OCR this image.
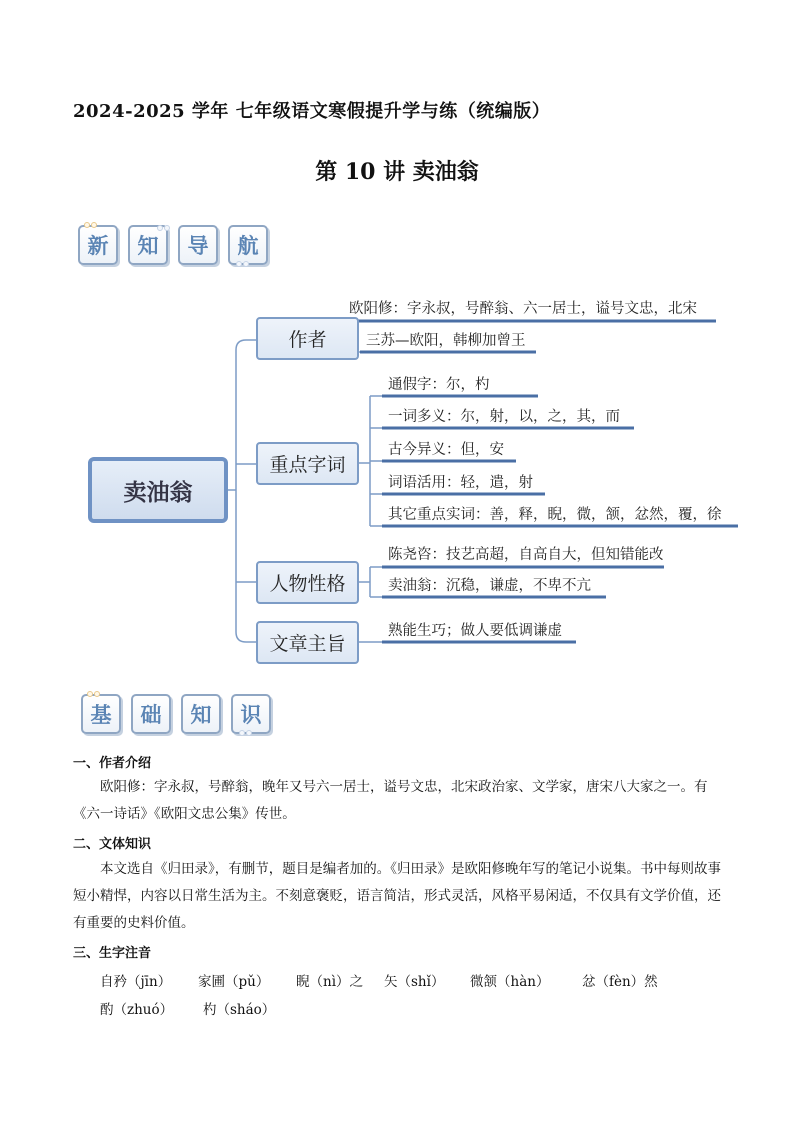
2024-2025 学年 七年级语文寒假提升学与练（统编版）
第 10 讲 卖油翁
新 知 导 航
卖油翁
作者
重点字词
人物性格
文章主旨
欧阳修：字永叔，号醉翁、六一居士，谥号文忠，北宋
三苏—欧阳，韩柳加曾王
通假字：尔，杓
一词多义：尔，射，以，之，其，而
古今异义：但，安
词语活用：轻，遣，射
其它重点实词：善，释，睨，微，颔，忿然，覆，徐
陈尧咨：技艺高超，自高自大，但知错能改
卖油翁：沉稳，谦虚，不卑不亢
熟能生巧；做人要低调谦虚
基 础 知 识
一、作者介绍
欧阳修：字永叔，号醉翁，晚年又号六一居士，谥号文忠，北宋政治家、文学家，唐宋八大家之一。有《六一诗话》《欧阳文忠公集》传世。
二、文体知识
本文选自《归田录》，有删节，题目是编者加的。《归田录》是欧阳修晚年写的笔记小说集。书中每则故事短小精悍，内容以日常生活为主。不刻意褒贬，语言简洁，形式灵活，风格平易闲适，不仅具有文学价值，还有重要的史料价值。
三、生字注音
自矜（jīn） 家圃（pǔ） 睨（nì）之 矢（shǐ） 微颔（hàn） 忿（fèn）然
酌（zhuó） 杓（sháo）
